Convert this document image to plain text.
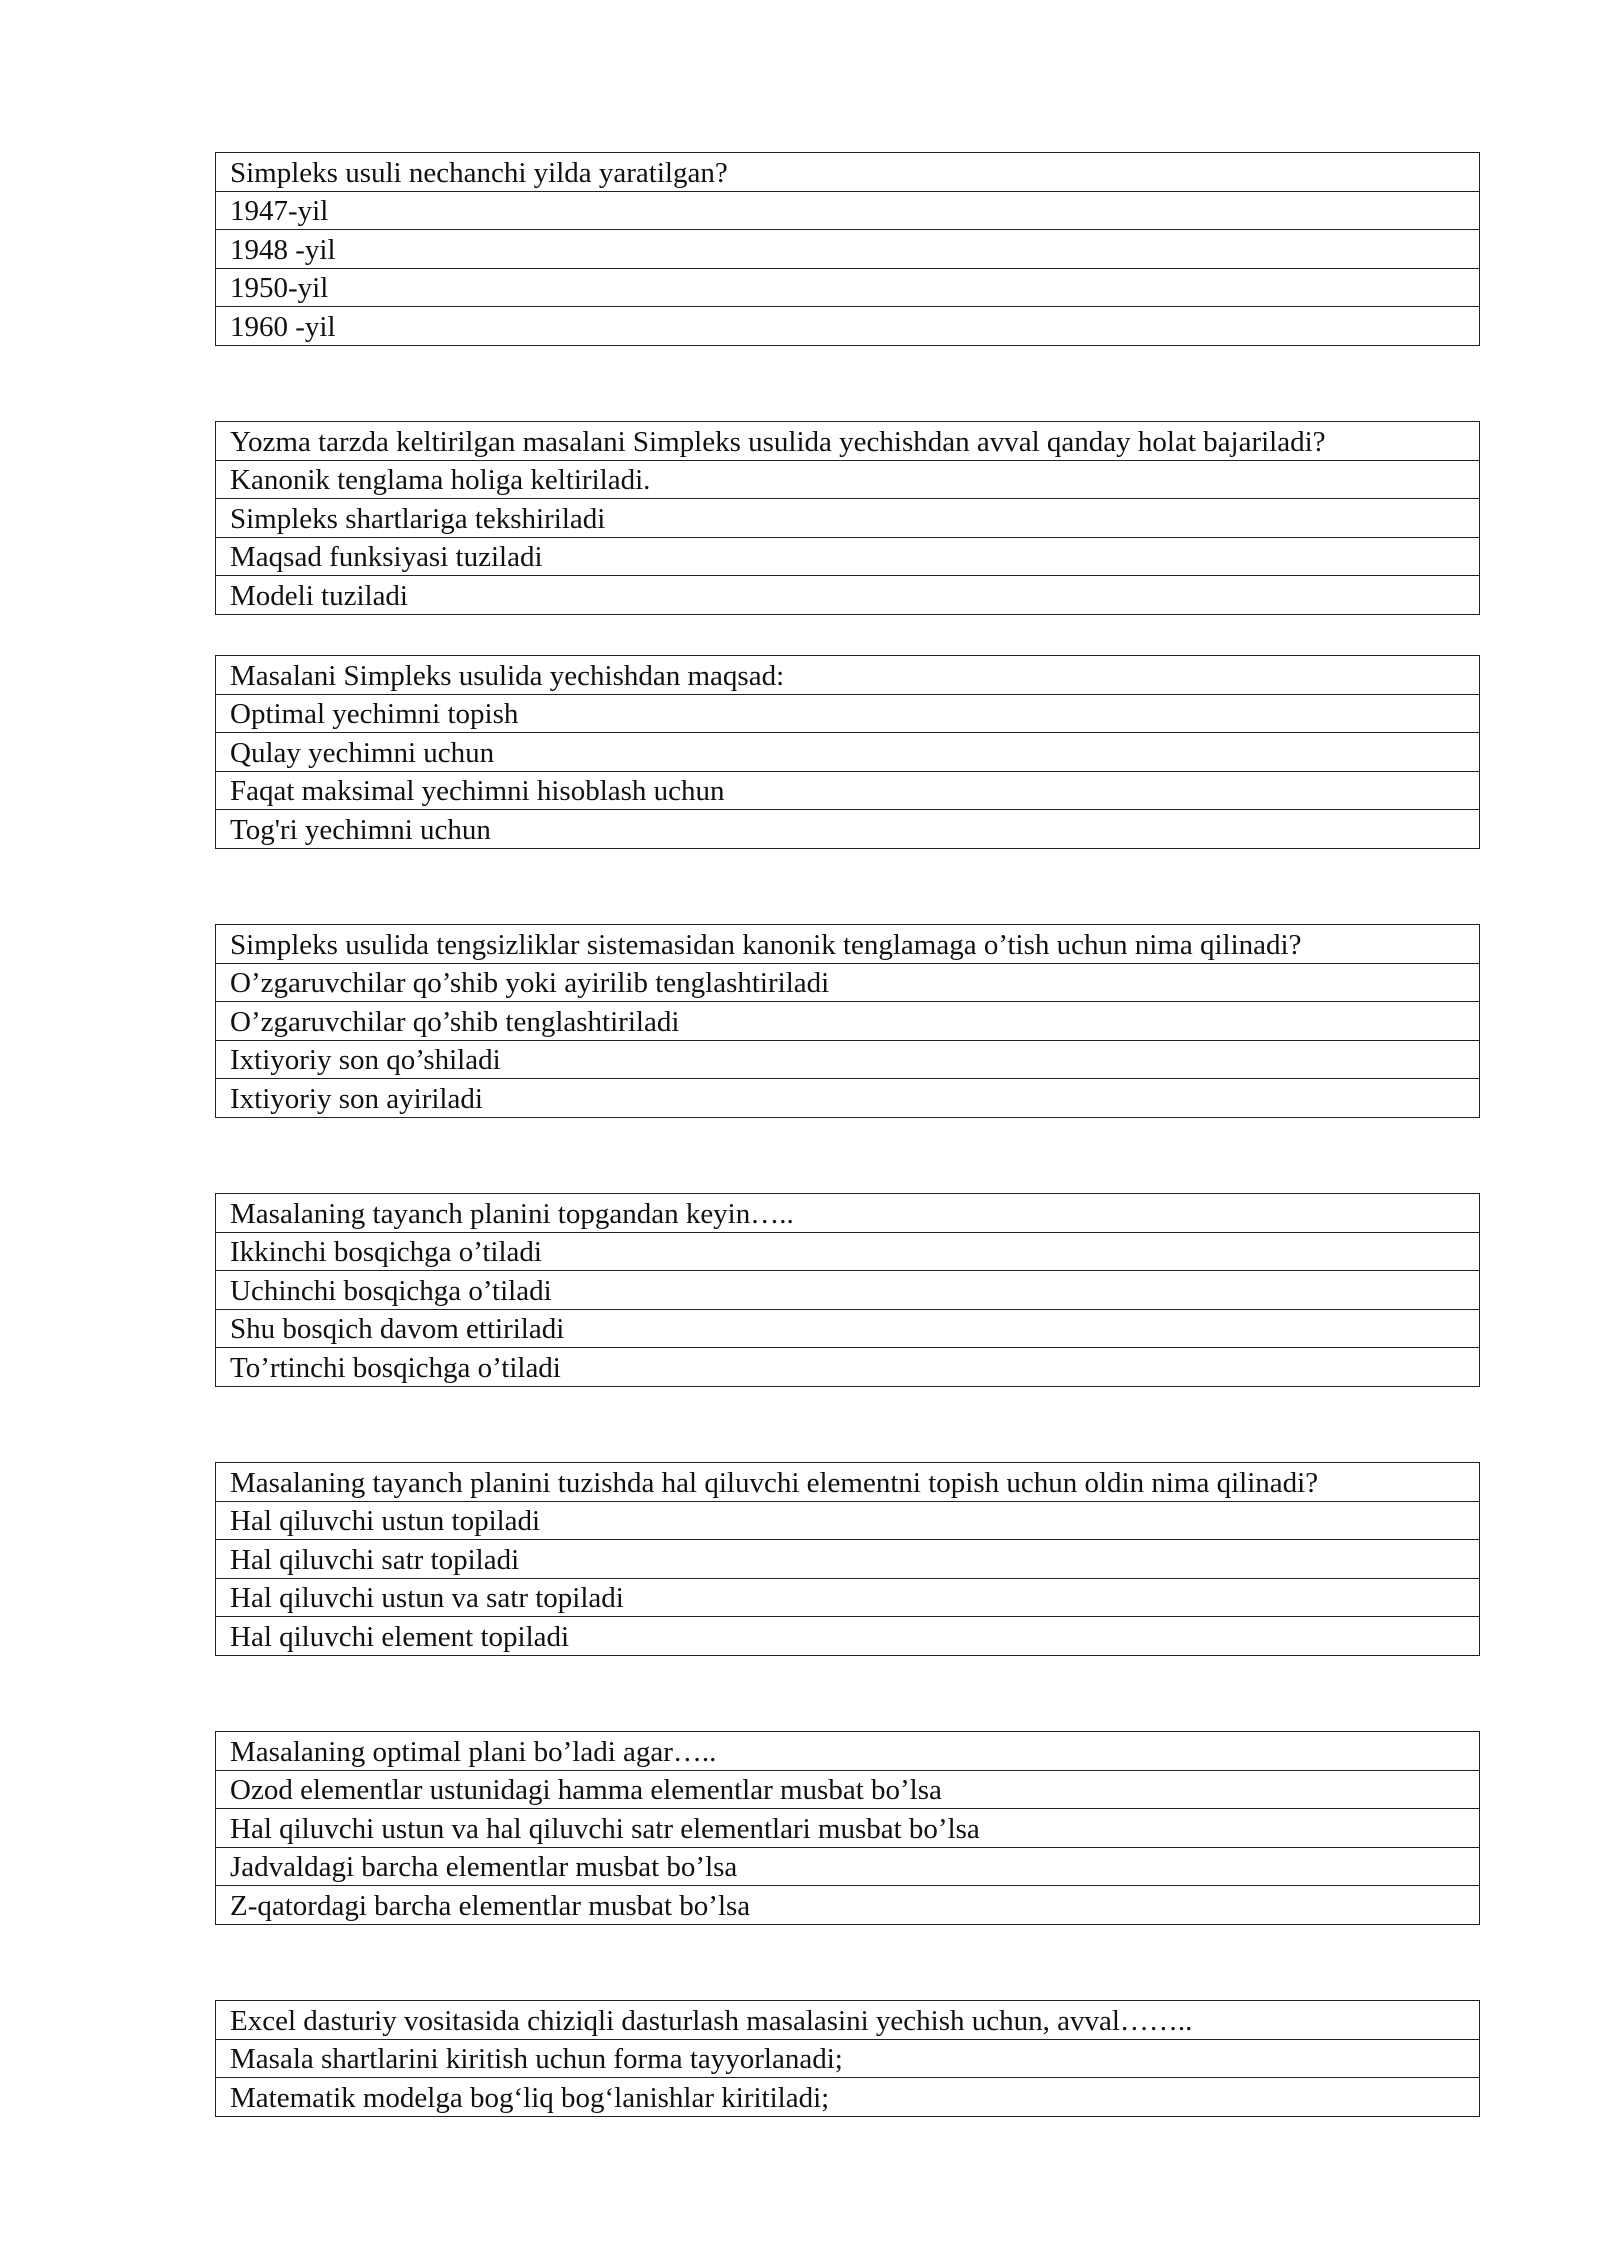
Simpleks usuli nechanchi yilda yaratilgan?
1947-yil
1948 -yil
1950-yil
1960 -yil
Yozma tarzda keltirilgan masalani Simpleks usulida yechishdan avval qanday holat bajariladi?
Kanonik tenglama holiga keltiriladi.
Simpleks shartlariga tekshiriladi
Maqsad funksiyasi tuziladi
Modeli tuziladi
Masalani Simpleks usulida yechishdan maqsad:
Optimal yechimni topish
Qulay yechimni uchun
Faqat maksimal yechimni hisoblash uchun
Tog'ri yechimni uchun
Simpleks usulida tengsizliklar sistemasidan kanonik tenglamaga o’tish uchun nima qilinadi?
O’zgaruvchilar qo’shib yoki ayirilib tenglashtiriladi
O’zgaruvchilar qo’shib tenglashtiriladi
Ixtiyoriy son qo’shiladi
Ixtiyoriy son ayiriladi
Masalaning tayanch planini topgandan keyin…..
Ikkinchi bosqichga o’tiladi
Uchinchi bosqichga o’tiladi
Shu bosqich davom ettiriladi
To’rtinchi bosqichga o’tiladi
Masalaning tayanch planini tuzishda hal qiluvchi elementni topish uchun oldin nima qilinadi?
Hal qiluvchi ustun topiladi
Hal qiluvchi satr topiladi
Hal qiluvchi ustun va satr topiladi
Hal qiluvchi element topiladi
Masalaning optimal plani bo’ladi agar…..
Ozod elementlar ustunidagi hamma elementlar musbat bo’lsa
Hal qiluvchi ustun va hal qiluvchi satr elementlari musbat bo’lsa
Jadvaldagi barcha elementlar musbat bo’lsa
Z-qatordagi barcha elementlar musbat bo’lsa
Excel dasturiy vositasida chiziqli dasturlash masalasini yechish uchun, avval……..
Masala shartlarini kiritish uchun forma tayyorlanadi;
Matematik modelga bog‘liq bog‘lanishlar kiritiladi;
